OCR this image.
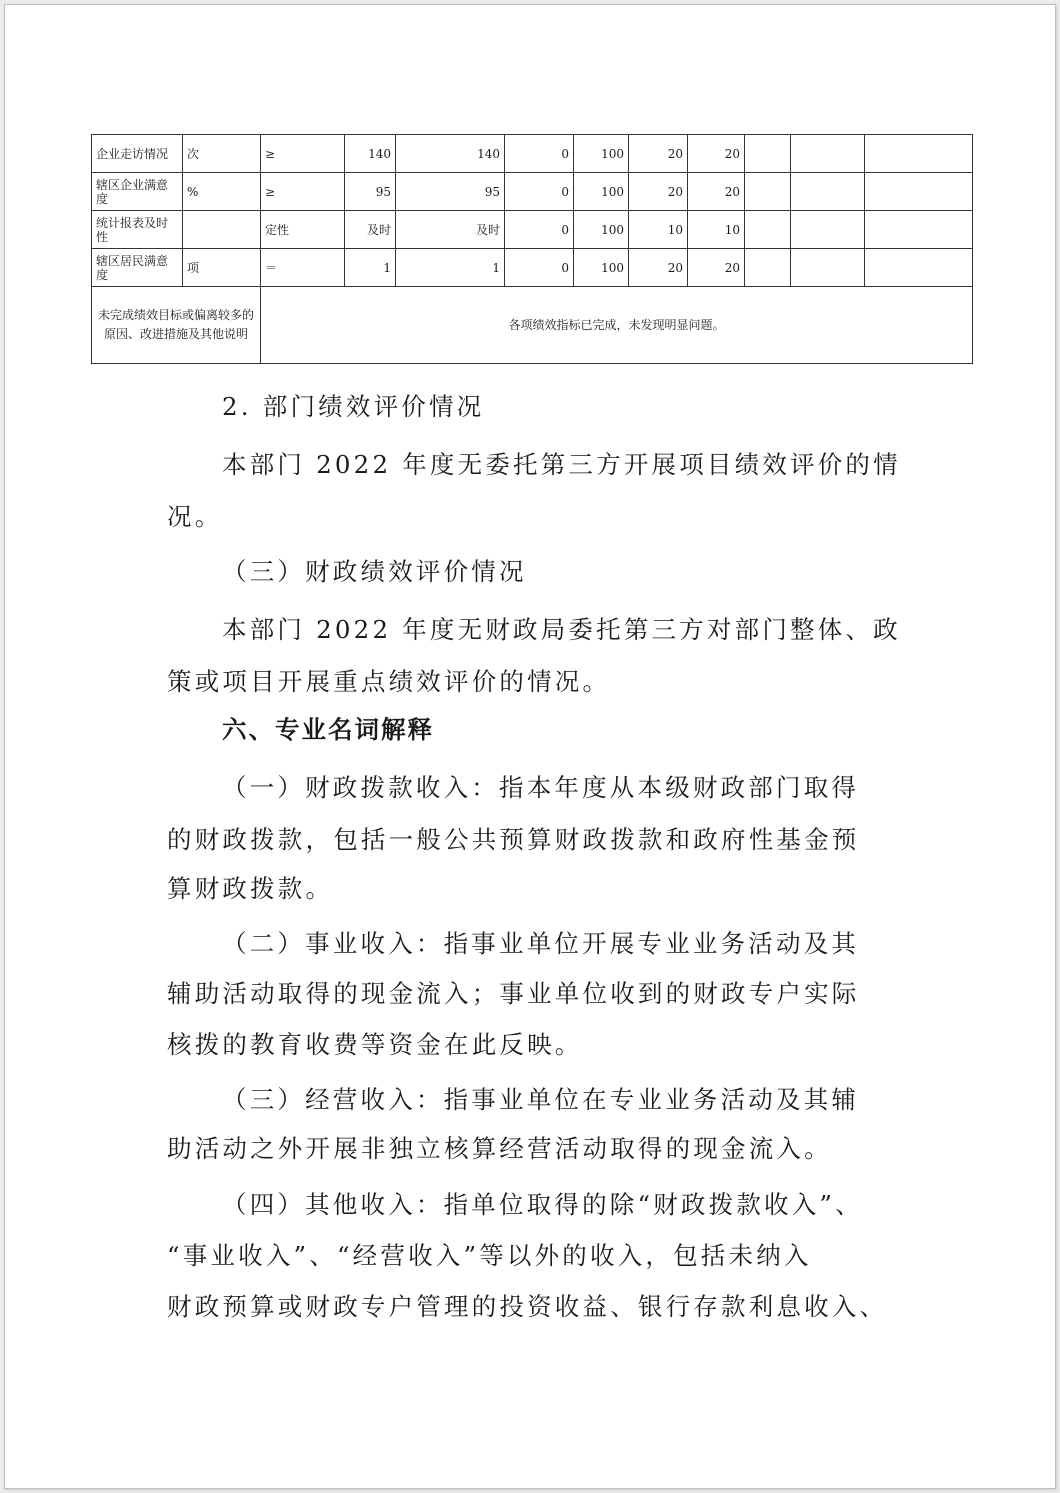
企业走访情况	次	≥	140	140	0	100	20	20			
辖区企业满意度	%	≥	95	95	0	100	20	20			
统计报表及时性		定性	及时	及时	0	100	10	10			
辖区居民满意度	项	＝	1	1	0	100	20	20			
未完成绩效目标或偏离较多的原因、改进措施及其他说明		各项绩效指标已完成，未发现明显问题。									
2. 部门绩效评价情况
本部门 2022 年度无委托第三方开展项目绩效评价的情
况。
（三）财政绩效评价情况
本部门 2022 年度无财政局委托第三方对部门整体、政
策或项目开展重点绩效评价的情况。
六、专业名词解释
（一）财政拨款收入：指本年度从本级财政部门取得
的财政拨款，包括一般公共预算财政拨款和政府性基金预
算财政拨款。
（二）事业收入：指事业单位开展专业业务活动及其
辅助活动取得的现金流入；事业单位收到的财政专户实际
核拨的教育收费等资金在此反映。
（三）经营收入：指事业单位在专业业务活动及其辅
助活动之外开展非独立核算经营活动取得的现金流入。
（四）其他收入：指单位取得的除“财政拨款收入”、
“事业收入”、“经营收入”等以外的收入，包括未纳入
财政预算或财政专户管理的投资收益、银行存款利息收入、
